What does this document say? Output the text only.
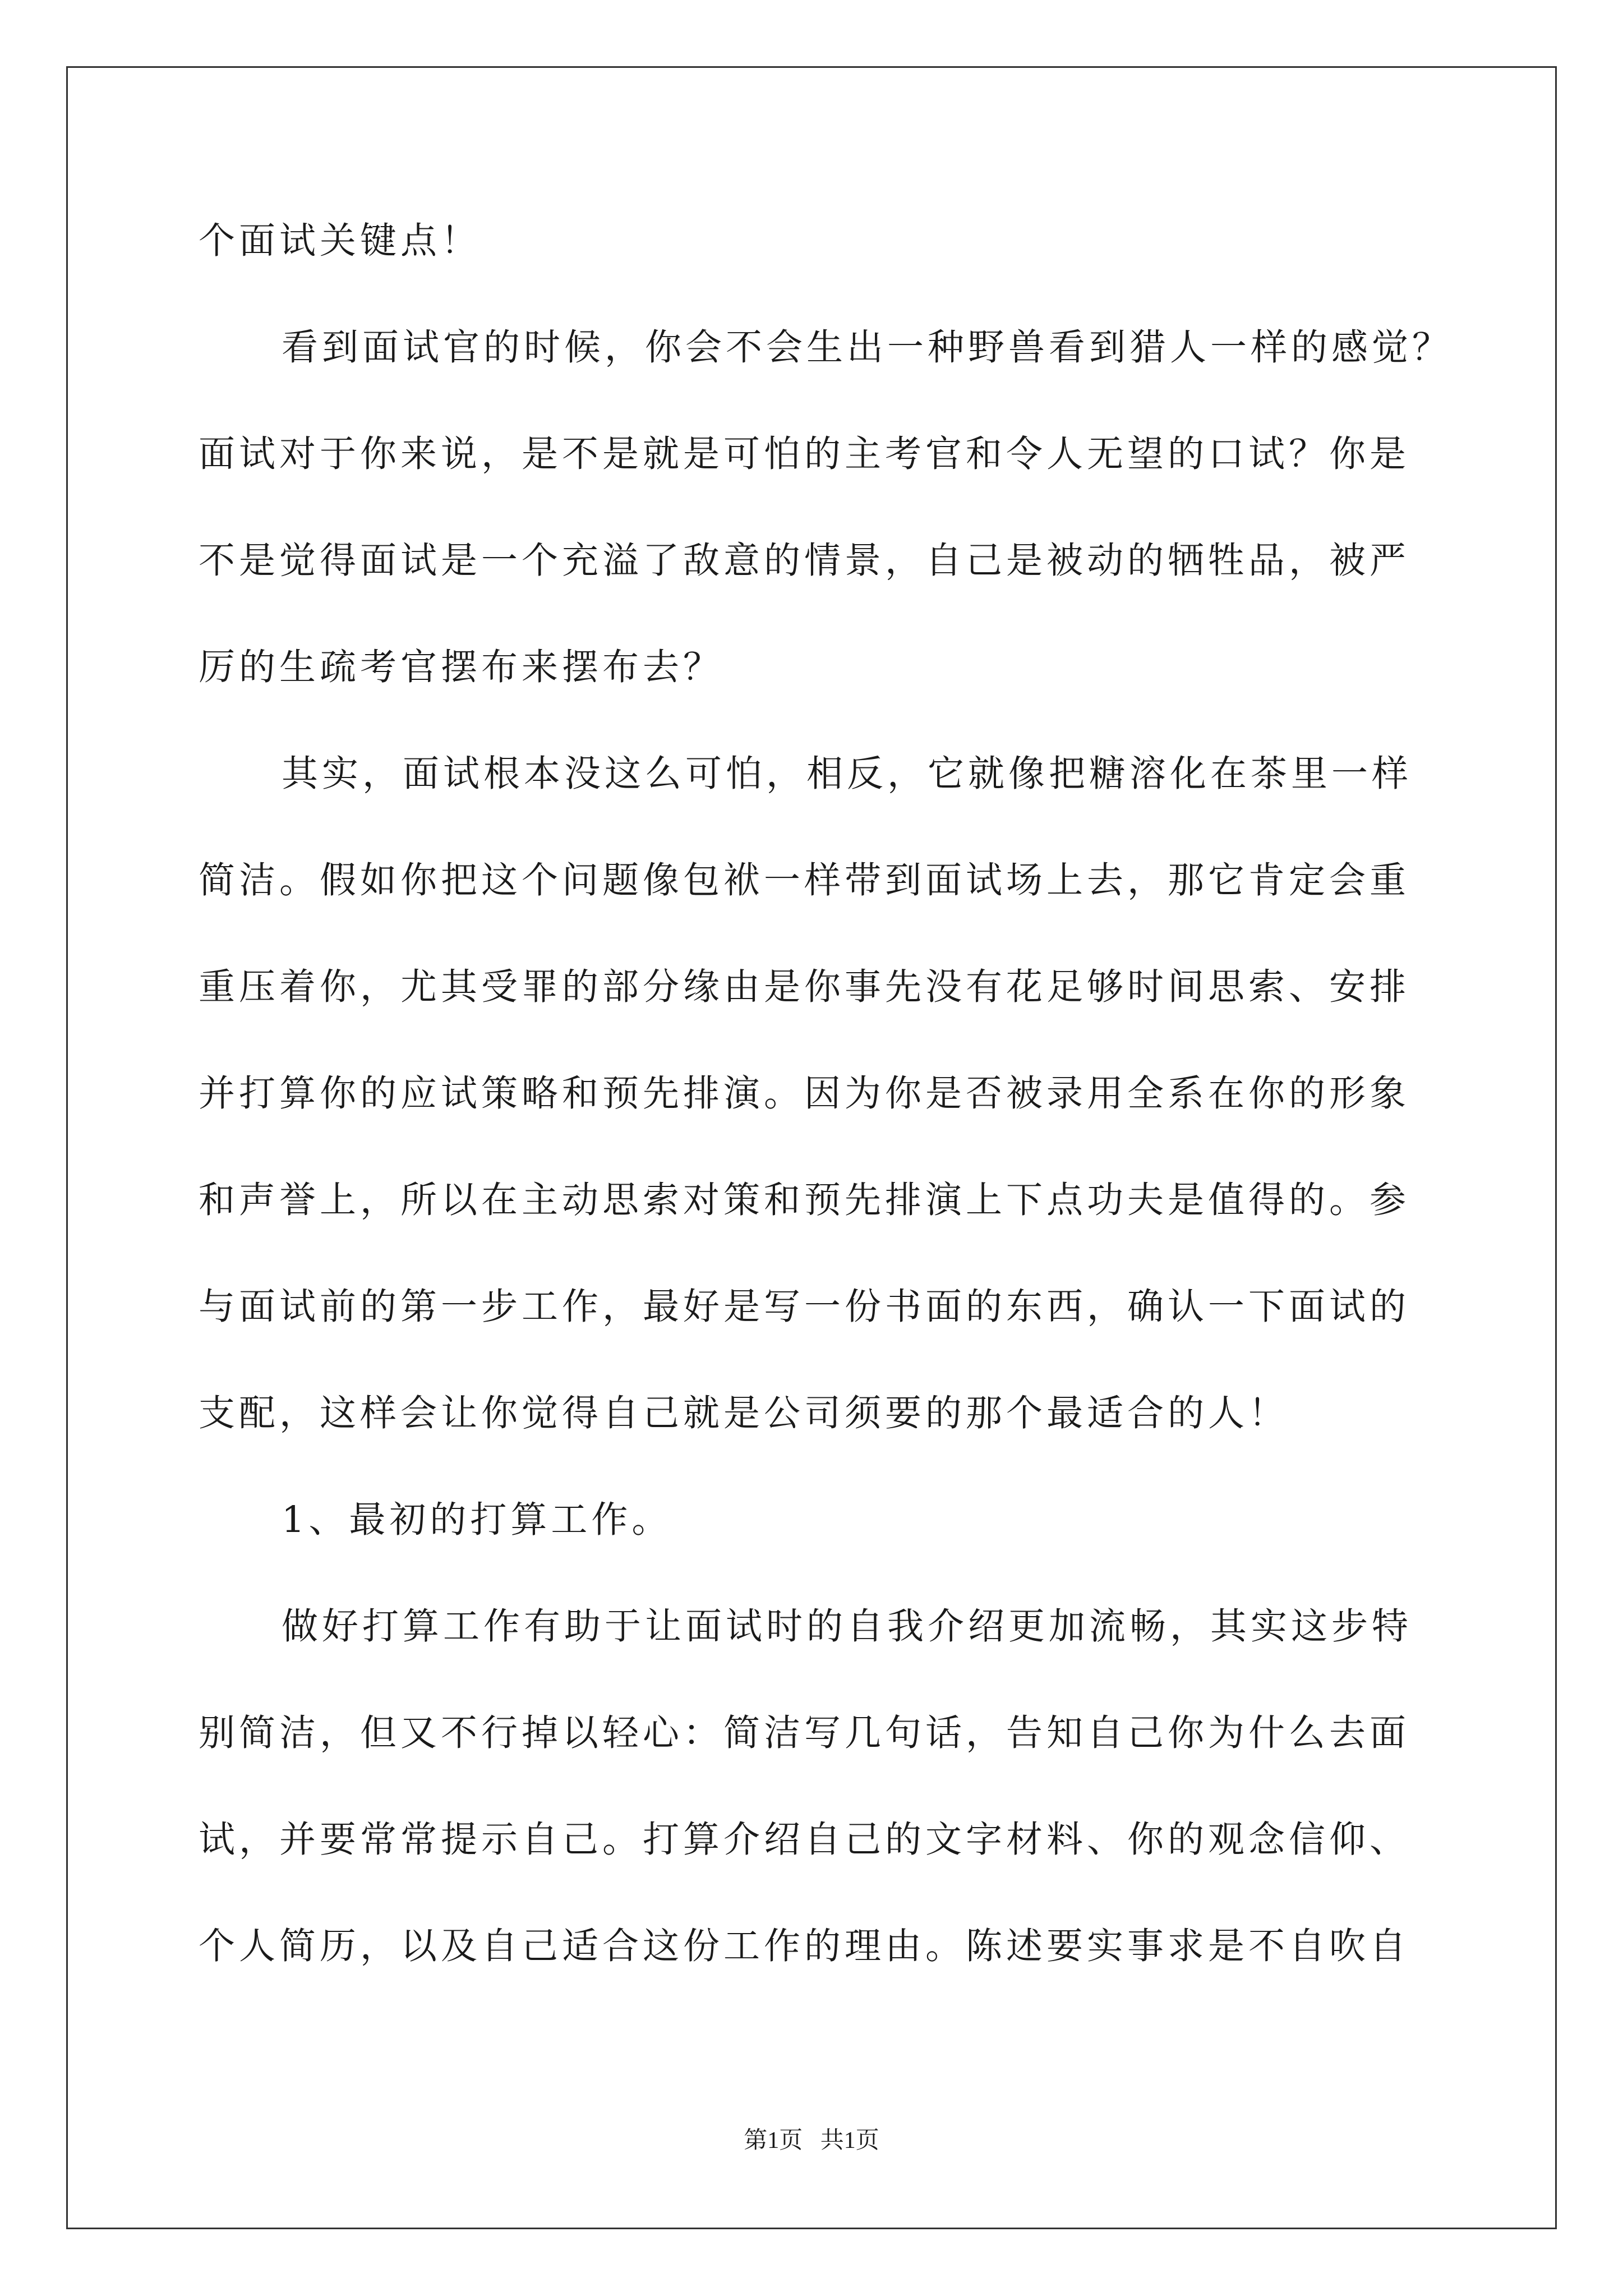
个面试关键点！
看到面试官的时候，你会不会生出一种野兽看到猎人一样的感觉？
面试对于你来说，是不是就是可怕的主考官和令人无望的口试？你是
不是觉得面试是一个充溢了敌意的情景，自己是被动的牺牲品，被严
厉的生疏考官摆布来摆布去？
其实，面试根本没这么可怕，相反，它就像把糖溶化在茶里一样
简洁。假如你把这个问题像包袱一样带到面试场上去，那它肯定会重
重压着你，尤其受罪的部分缘由是你事先没有花足够时间思索、安排
并打算你的应试策略和预先排演。因为你是否被录用全系在你的形象
和声誉上，所以在主动思索对策和预先排演上下点功夫是值得的。参
与面试前的第一步工作，最好是写一份书面的东西，确认一下面试的
支配，这样会让你觉得自己就是公司须要的那个最适合的人！
1、最初的打算工作。
做好打算工作有助于让面试时的自我介绍更加流畅，其实这步特
别简洁，但又不行掉以轻心：简洁写几句话，告知自己你为什么去面
试，并要常常提示自己。打算介绍自己的文字材料、你的观念信仰、
个人简历，以及自己适合这份工作的理由。陈述要实事求是不自吹自
第1页   共1页
